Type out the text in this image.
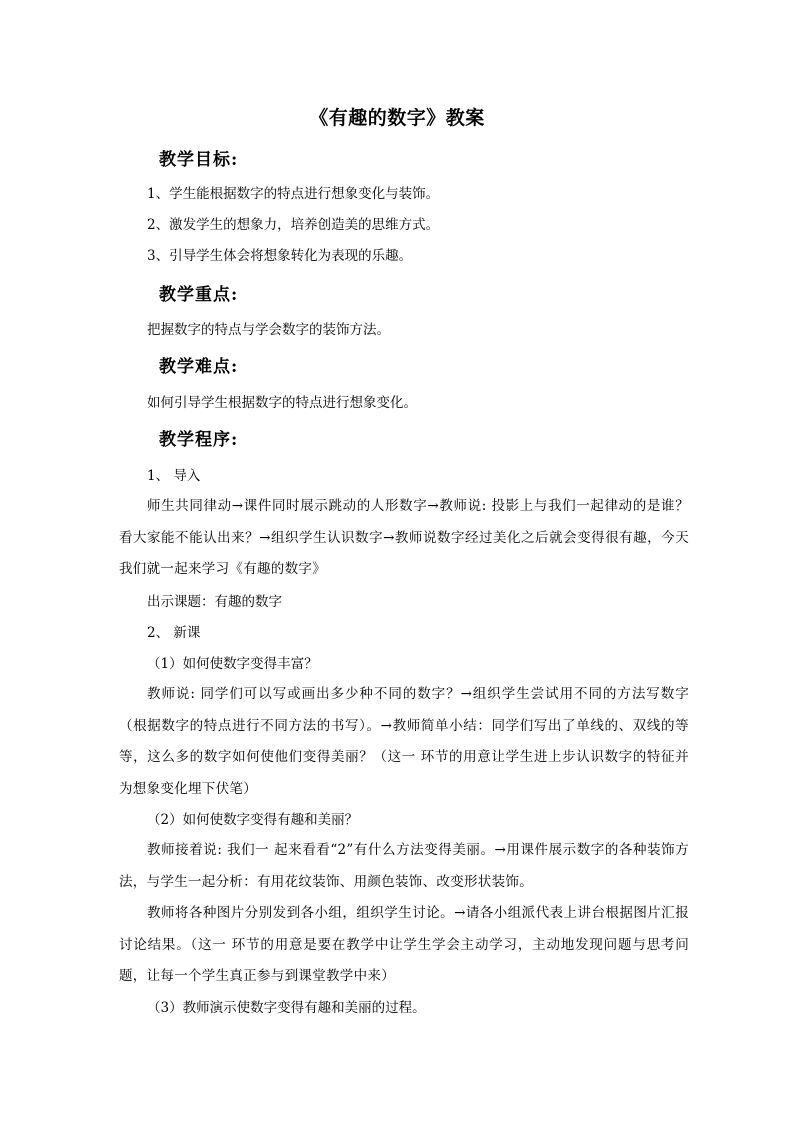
《有趣的数字》教案
教学目标:
1、学生能根据数字的特点进行想象变化与装饰。
2、激发学生的想象力，培养创造美的思维方式。
3、引导学生体会将想象转化为表现的乐趣。
教学重点:
把握数字的特点与学会数字的装饰方法。
教学难点:
如何引导学生根据数字的特点进行想象变化。
教学程序:
1、 导入
师生共同律动→课件同时展示跳动的人形数字→教师说: 投影上与我们一起律动的是谁？看大家能不能认出来？→组织学生认识数字→教师说数字经过美化之后就会变得很有趣，今天我们就一起来学习《有趣的数字》
出示课题：有趣的数字
2、 新课
（1）如何使数字变得丰富？
教师说: 同学们可以写或画出多少种不同的数字？→组织学生尝试用不同的方法写数字（根据数字的特点进行不同方法的书写）。→教师简单小结：同学们写出了单线的、双线的等等，这么多的数字如何使他们变得美丽？（这一 环节的用意让学生进上步认识数字的特征并为想象变化埋下伏笔）
（2）如何使数字变得有趣和美丽？
教师接着说: 我们一 起来看看“2”有什么方法变得美丽。→用课件展示数字的各种装饰方法，与学生一起分析：有用花纹装饰、用颜色装饰、改变形状装饰。
教师将各种图片分别发到各小组，组织学生讨论。→请各小组派代表上讲台根据图片汇报讨论结果。（这一 环节的用意是要在教学中让学生学会主动学习，主动地发现问题与思考问题，让每一个学生真正参与到课堂教学中来）
（3）教师演示使数字变得有趣和美丽的过程。
